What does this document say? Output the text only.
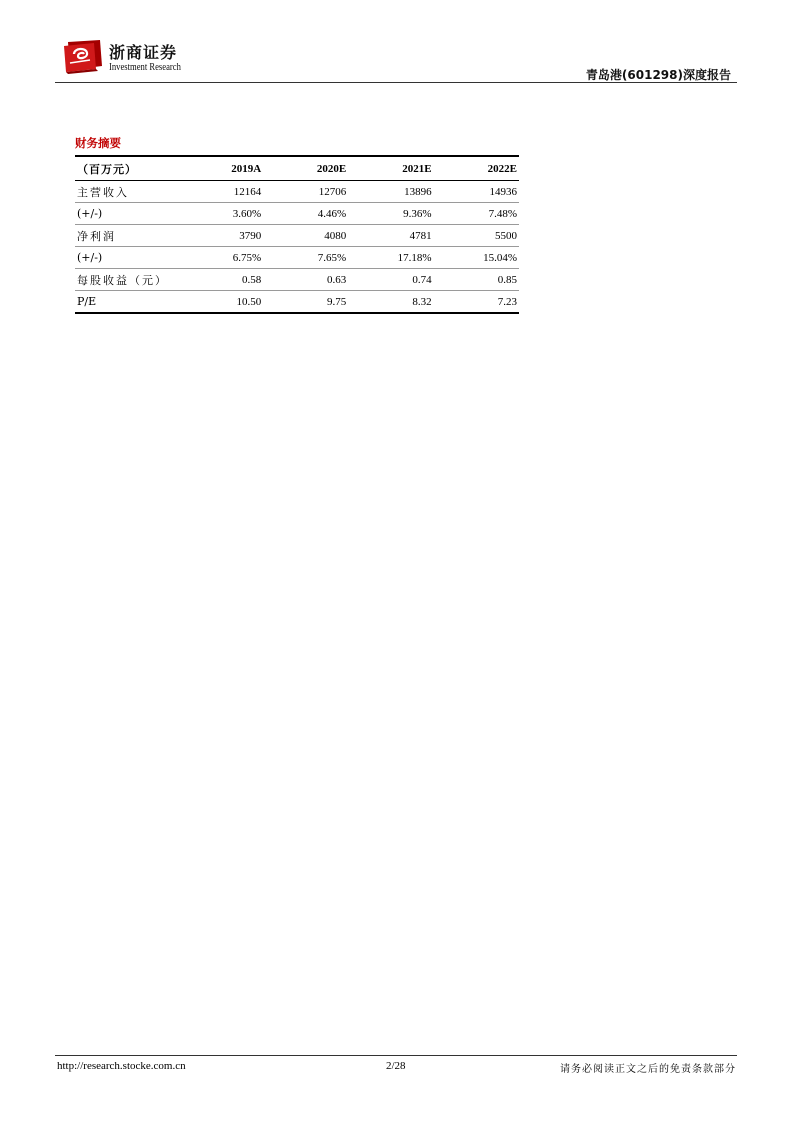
浙商证券
Investment Research
青岛港(601298)深度报告
财务摘要
（百万元）	2019A	2020E	2021E	2022E
主营收入	12164	12706	13896	14936
(+/-)	3.60%	4.46%	9.36%	7.48%
净利润	3790	4080	4781	5500
(+/-)	6.75%	7.65%	17.18%	15.04%
每股收益（元）	0.58	0.63	0.74	0.85
P/E	10.50	9.75	8.32	7.23
http://research.stocke.com.cn	2/28	请务必阅读正文之后的免责条款部分
